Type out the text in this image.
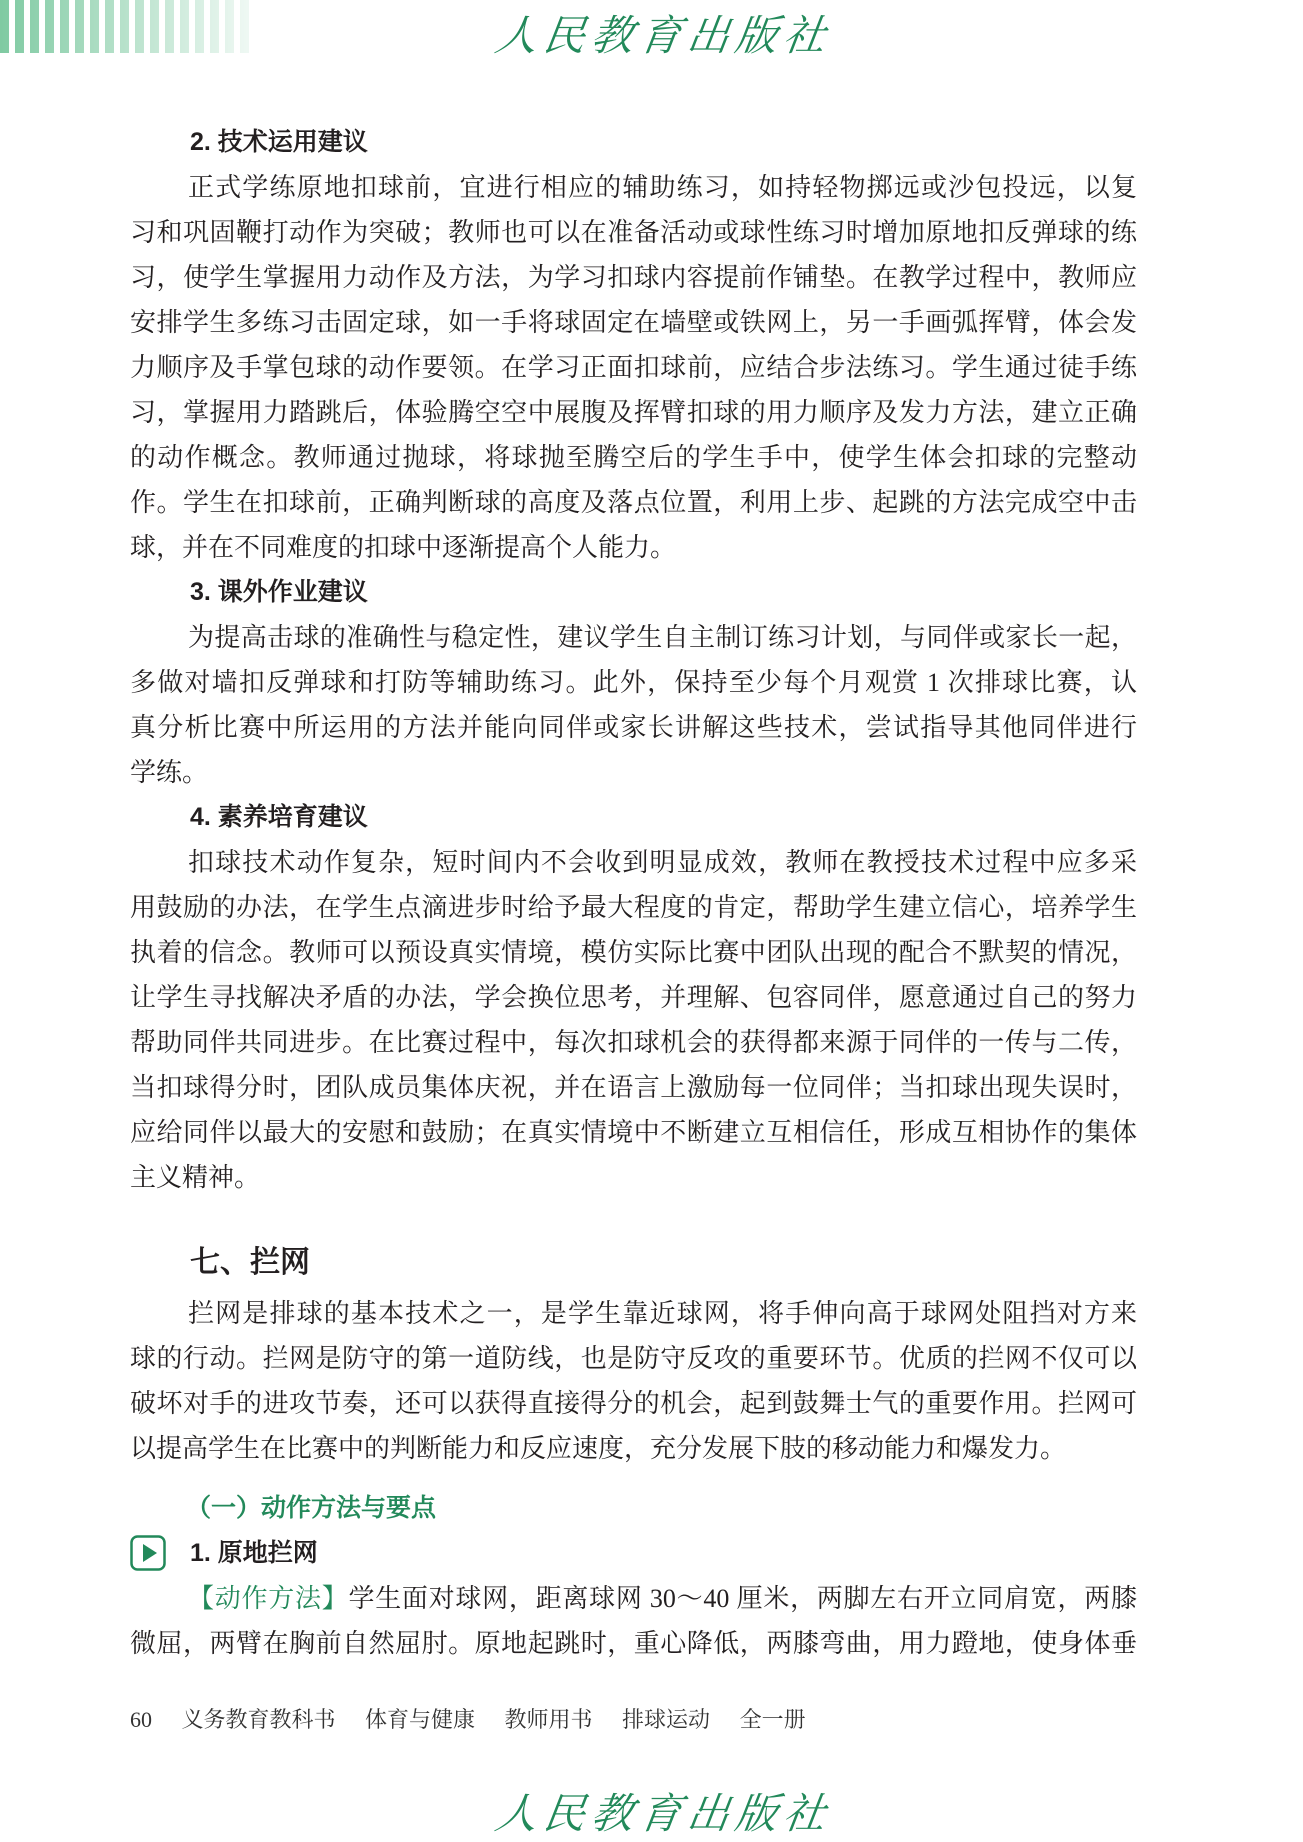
人民教育出版社

2. 技术运用建议

正式学练原地扣球前，宜进行相应的辅助练习，如持轻物掷远或沙包投远，以复

习和巩固鞭打动作为突破；教师也可以在准备活动或球性练习时增加原地扣反弹球的练

习，使学生掌握用力动作及方法，为学习扣球内容提前作铺垫。在教学过程中，教师应

安排学生多练习击固定球，如一手将球固定在墙壁或铁网上，另一手画弧挥臂，体会发

力顺序及手掌包球的动作要领。在学习正面扣球前，应结合步法练习。学生通过徒手练

习，掌握用力踏跳后，体验腾空空中展腹及挥臂扣球的用力顺序及发力方法，建立正确

的动作概念。教师通过抛球，将球抛至腾空后的学生手中，使学生体会扣球的完整动

作。学生在扣球前，正确判断球的高度及落点位置，利用上步、起跳的方法完成空中击

球，并在不同难度的扣球中逐渐提高个人能力。

3. 课外作业建议

为提高击球的准确性与稳定性，建议学生自主制订练习计划，与同伴或家长一起，

多做对墙扣反弹球和打防等辅助练习。此外，保持至少每个月观赏 1 次排球比赛，认

真分析比赛中所运用的方法并能向同伴或家长讲解这些技术，尝试指导其他同伴进行

学练。

4. 素养培育建议

扣球技术动作复杂，短时间内不会收到明显成效，教师在教授技术过程中应多采

用鼓励的办法，在学生点滴进步时给予最大程度的肯定，帮助学生建立信心，培养学生

执着的信念。教师可以预设真实情境，模仿实际比赛中团队出现的配合不默契的情况，

让学生寻找解决矛盾的办法，学会换位思考，并理解、包容同伴，愿意通过自己的努力

帮助同伴共同进步。在比赛过程中，每次扣球机会的获得都来源于同伴的一传与二传，

当扣球得分时，团队成员集体庆祝，并在语言上激励每一位同伴；当扣球出现失误时，

应给同伴以最大的安慰和鼓励；在真实情境中不断建立互相信任，形成互相协作的集体

主义精神。

七、拦网

拦网是排球的基本技术之一，是学生靠近球网，将手伸向高于球网处阻挡对方来

球的行动。拦网是防守的第一道防线，也是防守反攻的重要环节。优质的拦网不仅可以

破坏对手的进攻节奏，还可以获得直接得分的机会，起到鼓舞士气的重要作用。拦网可

以提高学生在比赛中的判断能力和反应速度，充分发展下肢的移动能力和爆发力。

（一）动作方法与要点

1. 原地拦网

【动作方法】学生面对球网，距离球网 30～40 厘米，两脚左右开立同肩宽，两膝

微屈，两臂在胸前自然屈肘。原地起跳时，重心降低，两膝弯曲，用力蹬地，使身体垂

60 义务教育教科书 体育与健康 教师用书 排球运动 全一册
人民教育出版社
